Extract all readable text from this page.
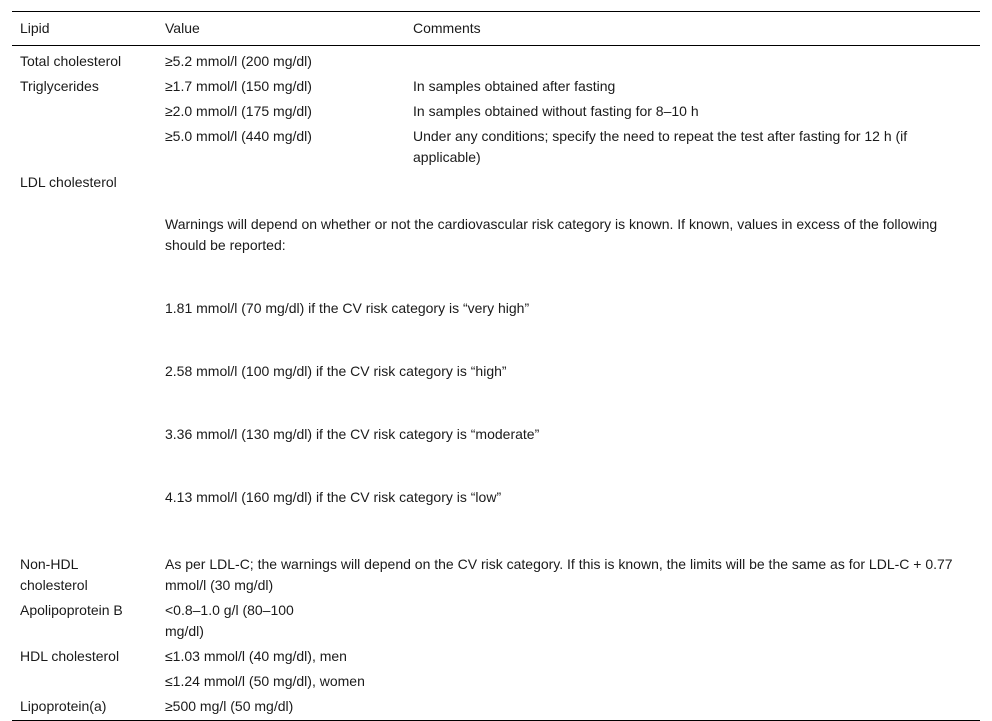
Lipid	Value	Comments

Total cholesterol	≥5.2 mmol/l (200 mg/dl)	

Triglycerides	≥1.7 mmol/l (150 mg/dl)	In samples obtained after fasting
	≥2.0 mmol/l (175 mg/dl)	In samples obtained without fasting for 8–10 h
	≥5.0 mmol/l (440 mg/dl)	Under any conditions; specify the need to repeat the test after fasting for 12 h (if applicable)

LDL cholesterol	Warnings will depend on whether or not the cardiovascular risk category is known. If known, values in excess of the following should be reported:

1.81 mmol/l (70 mg/dl) if the CV risk category is “very high”

2.58 mmol/l (100 mg/dl) if the CV risk category is “high”

3.36 mmol/l (130 mg/dl) if the CV risk category is “moderate”

4.13 mmol/l (160 mg/dl) if the CV risk category is “low”	

Non-HDL cholesterol	As per LDL-C; the warnings will depend on the CV risk category. If this is known, the limits will be the same as for LDL-C + 0.77 mmol/l (30 mg/dl)	

Apolipoprotein B	<0.8–1.0 g/l (80–100 mg/dl)	

HDL cholesterol	≤1.03 mmol/l (40 mg/dl), men	

	≤1.24 mmol/l (50 mg/dl), women	

Lipoprotein(a)	≥500 mg/l (50 mg/dl)	
